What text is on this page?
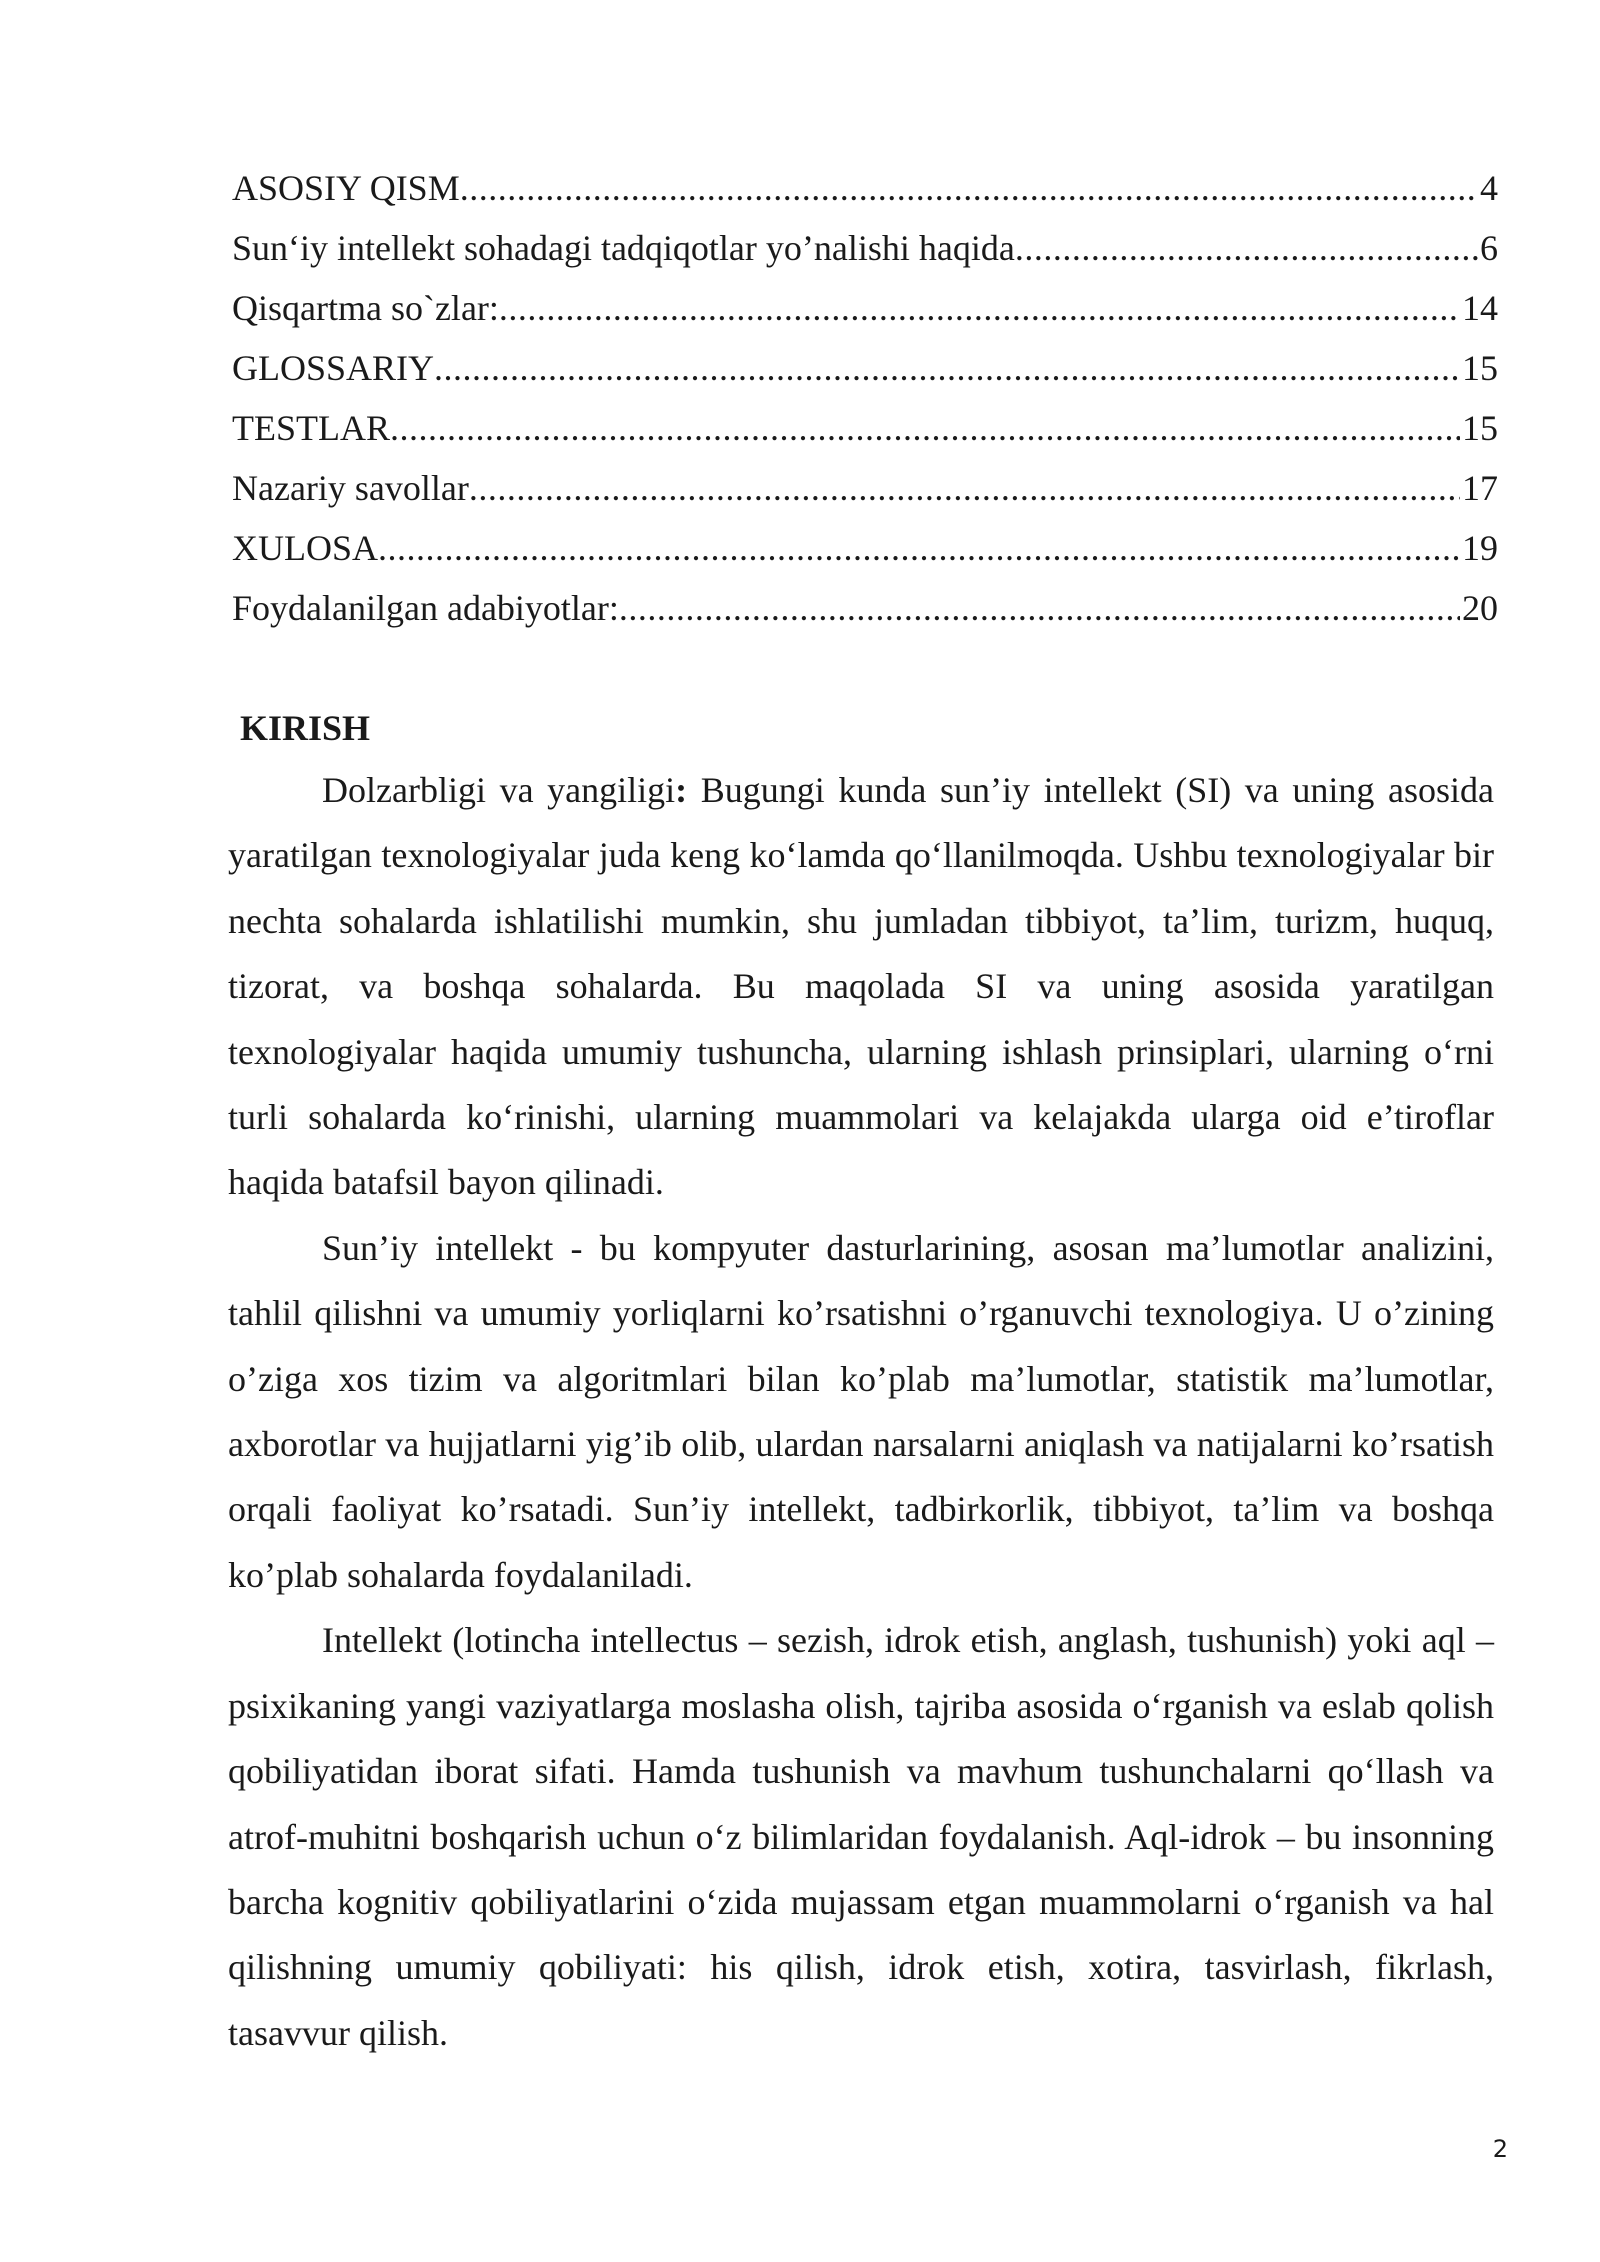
ASOSIY QISM .....	4
Sun‘iy intellekt sohadagi tadqiqotlar yo’nalishi haqida .....	6
Qisqartma so`zlar: .....	14
GLOSSARIY .....	15
TESTLAR .....	15
Nazariy savollar .....	17
XULOSA .....	19
Foydalanilgan adabiyotlar: .....	20
KIRISH

Dolzarbligi va yangiligi: Bugungi kunda sun’iy intellekt (SI) va uning asosida yaratilgan texnologiyalar juda keng ko‘lamda qo‘llanilmoqda. Ushbu texnologiyalar bir nechta sohalarda ishlatilishi mumkin, shu jumladan tibbiyot, ta’lim, turizm, huquq, tizorat, va boshqa sohalarda. Bu maqolada SI va uning asosida yaratilgan texnologiyalar haqida umumiy tushuncha, ularning ishlash prinsiplari, ularning o‘rni turli sohalarda ko‘rinishi, ularning muammolari va kelajakda ularga oid e’tiroflar haqida batafsil bayon qilinadi.

Sun’iy intellekt - bu kompyuter dasturlarining, asosan ma’lumotlar analizini, tahlil qilishni va umumiy yorliqlarni ko’rsatishni o’rganuvchi texnologiya. U o’zining o’ziga xos tizim va algoritmlari bilan ko’plab ma’lumotlar, statistik ma’lumotlar, axborotlar va hujjatlarni yig’ib olib, ulardan narsalarni aniqlash va natijalarni ko’rsatish orqali faoliyat ko’rsatadi. Sun’iy intellekt, tadbirkorlik, tibbiyot, ta’lim va boshqa ko’plab sohalarda foydalaniladi.

Intellekt (lotincha intellectus – sezish, idrok etish, anglash, tushunish) yoki aql – psixikaning yangi vaziyatlarga moslasha olish, tajriba asosida o‘rganish va eslab qolish qobiliyatidan iborat sifati. Hamda tushunish va mavhum tushunchalarni qo‘llash va atrof-muhitni boshqarish uchun o‘z bilimlaridan foydalanish. Aql-idrok – bu insonning barcha kognitiv qobiliyatlarini o‘zida mujassam etgan muammolarni o‘rganish va hal qilishning umumiy qobiliyati: his qilish, idrok etish, xotira, tasvirlash, fikrlash, tasavvur qilish.

2
